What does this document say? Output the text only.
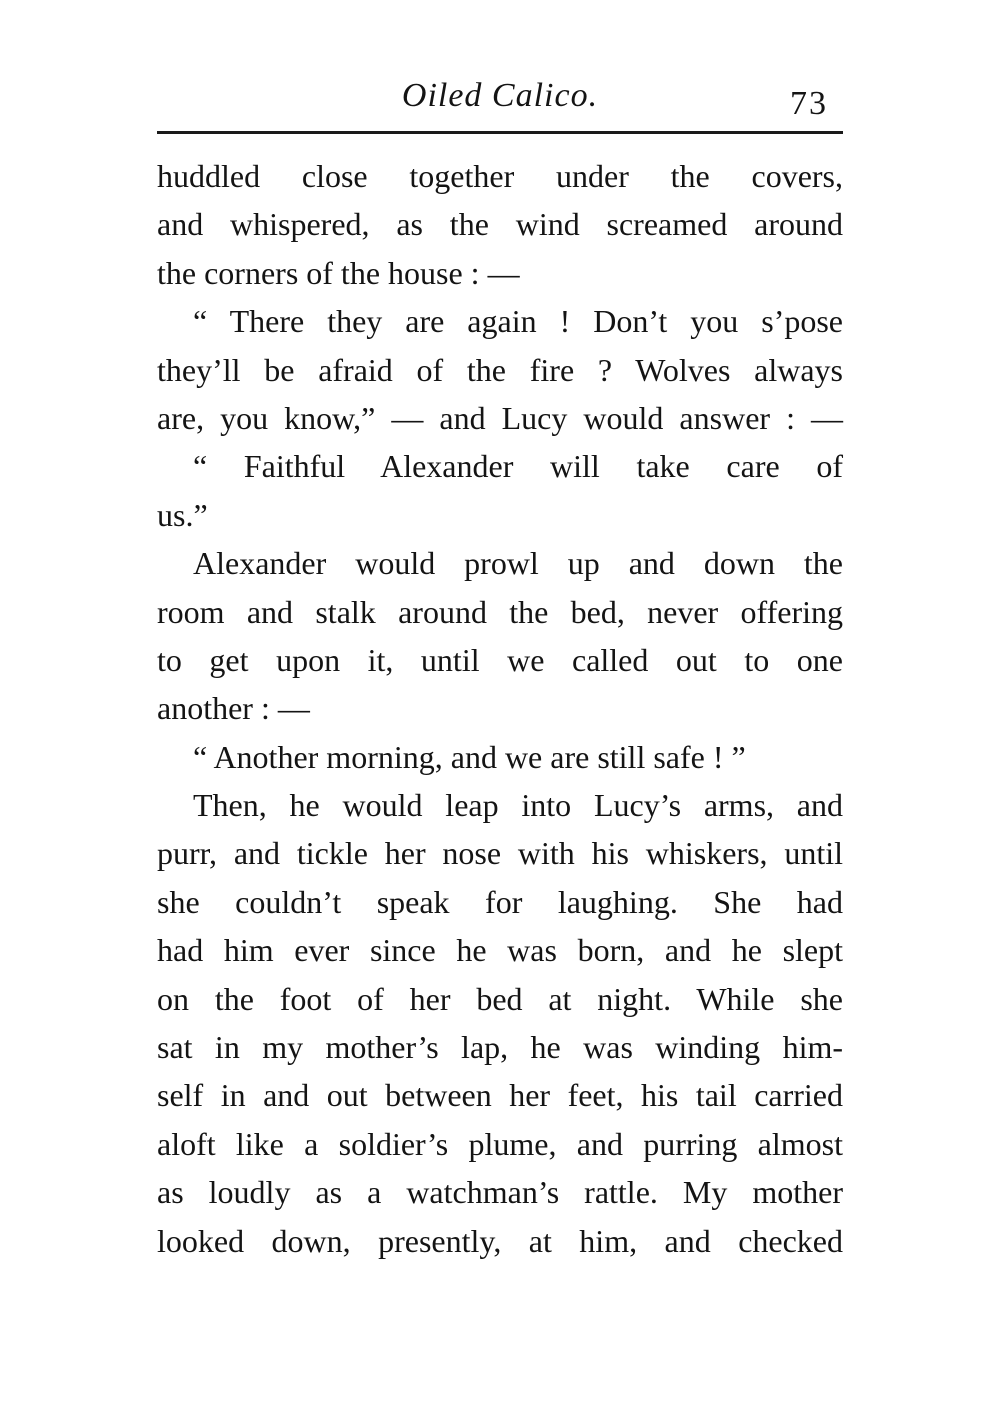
Oiled Calico.	73
huddled close together under the covers,
and whispered, as the wind screamed around
the corners of the house : —
“ There they are again ! Don’t you s’pose
they’ll be afraid of the fire ? Wolves always
are, you know,” — and Lucy would answer : —
“ Faithful Alexander will take care of
us.”
Alexander would prowl up and down the
room and stalk around the bed, never offering
to get upon it, until we called out to one
another : —
“ Another morning, and we are still safe ! ”
Then, he would leap into Lucy’s arms, and
purr, and tickle her nose with his whiskers, until
she couldn’t speak for laughing. She had
had him ever since he was born, and he slept
on the foot of her bed at night. While she
sat in my mother’s lap, he was winding him-
self in and out between her feet, his tail carried
aloft like a soldier’s plume, and purring almost
as loudly as a watchman’s rattle. My mother
looked down, presently, at him, and checked
